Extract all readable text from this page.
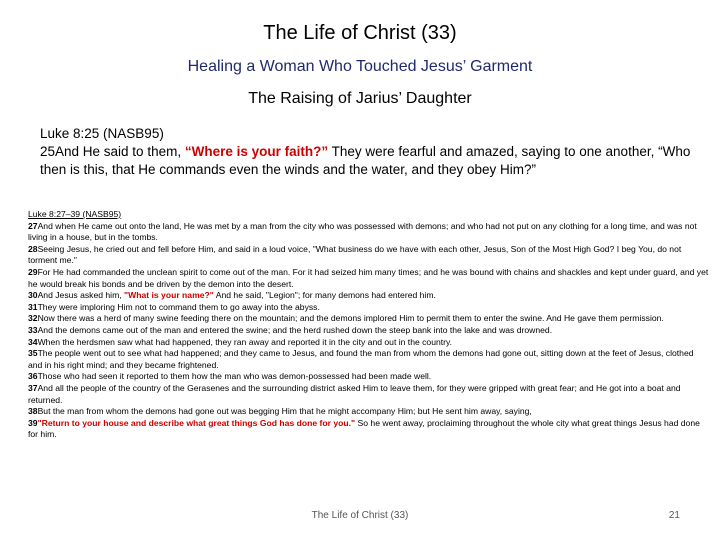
The Life of Christ (33)
Healing a Woman Who Touched Jesus’ Garment
The Raising of Jarius’ Daughter
Luke 8:25 (NASB95)
25And He said to them, “Where is your faith?” They were fearful and amazed, saying to one another, “Who then is this, that He commands even the winds and the water, and they obey Him?”
Luke 8:27–39 (NASB95)
27And when He came out onto the land, He was met by a man from the city who was possessed with demons; and who had not put on any clothing for a long time, and was not living in a house, but in the tombs.
28Seeing Jesus, he cried out and fell before Him, and said in a loud voice, "What business do we have with each other, Jesus, Son of the Most High God? I beg You, do not torment me."
29For He had commanded the unclean spirit to come out of the man. For it had seized him many times; and he was bound with chains and shackles and kept under guard, and yet he would break his bonds and be driven by the demon into the desert.
30And Jesus asked him, "What is your name?" And he said, "Legion"; for many demons had entered him.
31They were imploring Him not to command them to go away into the abyss.
32Now there was a herd of many swine feeding there on the mountain; and the demons implored Him to permit them to enter the swine. And He gave them permission.
33And the demons came out of the man and entered the swine; and the herd rushed down the steep bank into the lake and was drowned.
34When the herdsmen saw what had happened, they ran away and reported it in the city and out in the country.
35The people went out to see what had happened; and they came to Jesus, and found the man from whom the demons had gone out, sitting down at the feet of Jesus, clothed and in his right mind; and they became frightened.
36Those who had seen it reported to them how the man who was demon-possessed had been made well.
37And all the people of the country of the Gerasenes and the surrounding district asked Him to leave them, for they were gripped with great fear; and He got into a boat and returned.
38But the man from whom the demons had gone out was begging Him that he might accompany Him; but He sent him away, saying,
39"Return to your house and describe what great things God has done for you." So he went away, proclaiming throughout the whole city what great things Jesus had done for him.
The Life of Christ (33)	21
